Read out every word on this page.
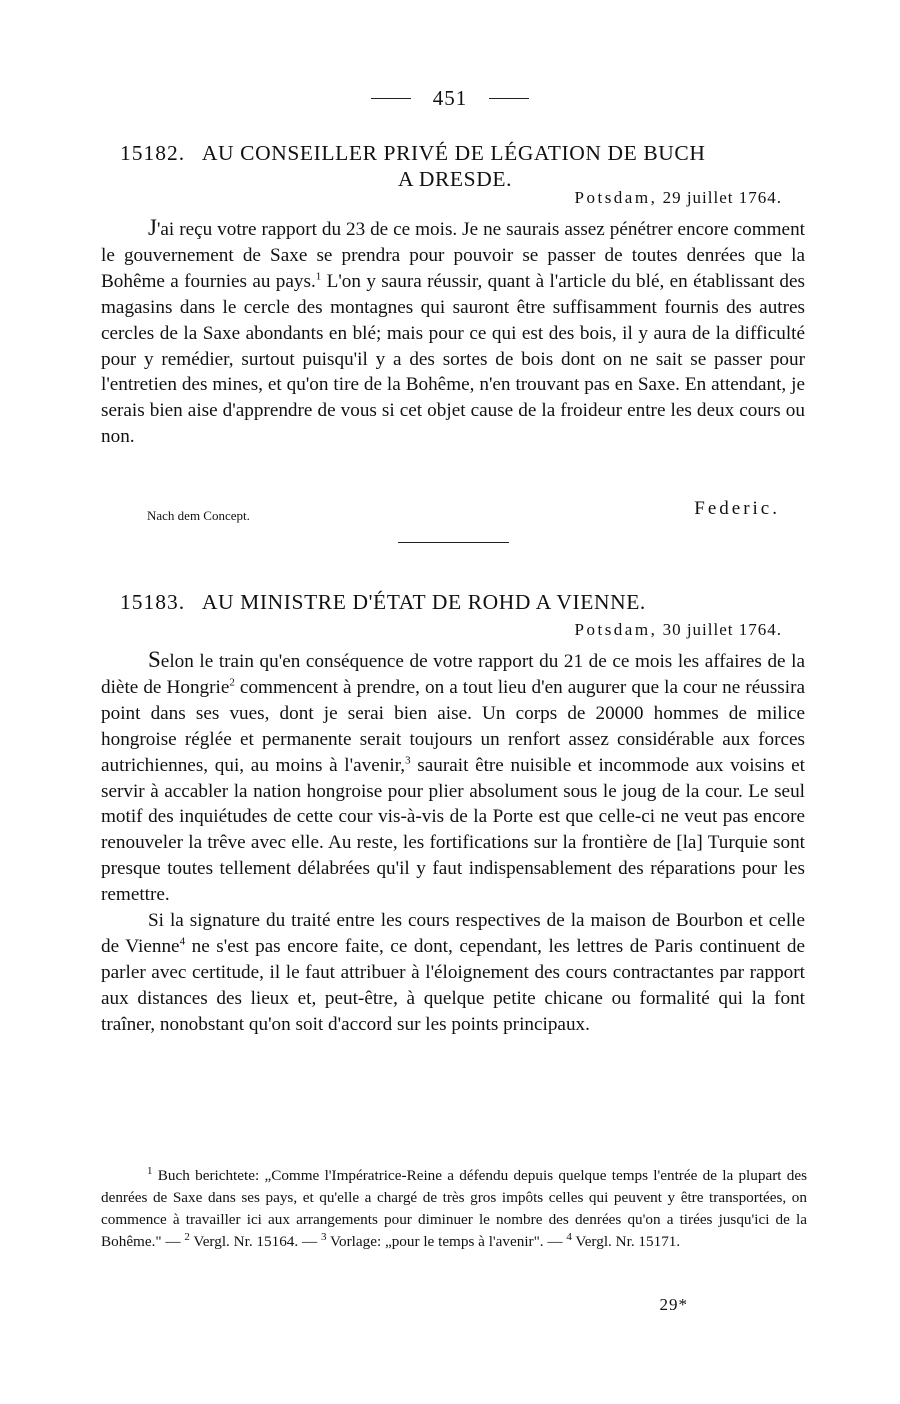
451
15182. AU CONSEILLER PRIVÉ DE LÉGATION DE BUCH
A DRESDE.
Potsdam, 29 juillet 1764.

J'ai reçu votre rapport du 23 de ce mois. Je ne saurais assez pénétrer encore comment le gouvernement de Saxe se prendra pour pouvoir se passer de toutes denrées que la Bohême a fournies au pays.$^1$ L'on y saura réussir, quant à l'article du blé, en établissant des magasins dans le cercle des montagnes qui sauront être suffisamment fournis des autres cercles de la Saxe abondants en blé; mais pour ce qui est des bois, il y aura de la difficulté pour y remédier, surtout puisqu'il y a des sortes de bois dont on ne sait se passer pour l'entretien des mines, et qu'on tire de la Bohême, n'en trouvant pas en Saxe. En attendant, je serais bien aise d'apprendre de vous si cet objet cause de la froideur entre les deux cours ou non.

Nach dem Concept.	Federic.
15183. AU MINISTRE D'ÉTAT DE ROHD A VIENNE.
Potsdam, 30 juillet 1764.

Selon le train qu'en conséquence de votre rapport du 21 de ce mois les affaires de la diète de Hongrie$^2$ commencent à prendre, on a tout lieu d'en augurer que la cour ne réussira point dans ses vues, dont je serai bien aise. Un corps de 20000 hommes de milice hongroise réglée et permanente serait toujours un renfort assez considérable aux forces autrichiennes, qui, au moins à l'avenir,$^3$ saurait être nuisible et incommode aux voisins et servir à accabler la nation hongroise pour plier absolument sous le joug de la cour. Le seul motif des inquiétudes de cette cour vis-à-vis de la Porte est que celle-ci ne veut pas encore renouveler la trêve avec elle. Au reste, les fortifications sur la frontière de [la] Turquie sont presque toutes tellement délabrées qu'il y faut indispensablement des réparations pour les remettre.

Si la signature du traité entre les cours respectives de la maison de Bourbon et celle de Vienne$^4$ ne s'est pas encore faite, ce dont, cependant, les lettres de Paris continuent de parler avec certitude, il le faut attribuer à l'éloignement des cours contractantes par rapport aux distances des lieux et, peut-être, à quelque petite chicane ou formalité qui la font traîner, nonobstant qu'on soit d'accord sur les points principaux.

$^1$ Buch berichtete: „Comme l'Impératrice-Reine a défendu depuis quelque temps l'entrée de la plupart des denrées de Saxe dans ses pays, et qu'elle a chargé de très gros impôts celles qui peuvent y être transportées, on commence à travailler ici aux arrangements pour diminuer le nombre des denrées qu'on a tirées jusqu'ici de la Bohême." — $^2$ Vergl. Nr. 15164. — $^3$ Vorlage: „pour le temps à l'avenir". — $^4$ Vergl. Nr. 15171.

29*
